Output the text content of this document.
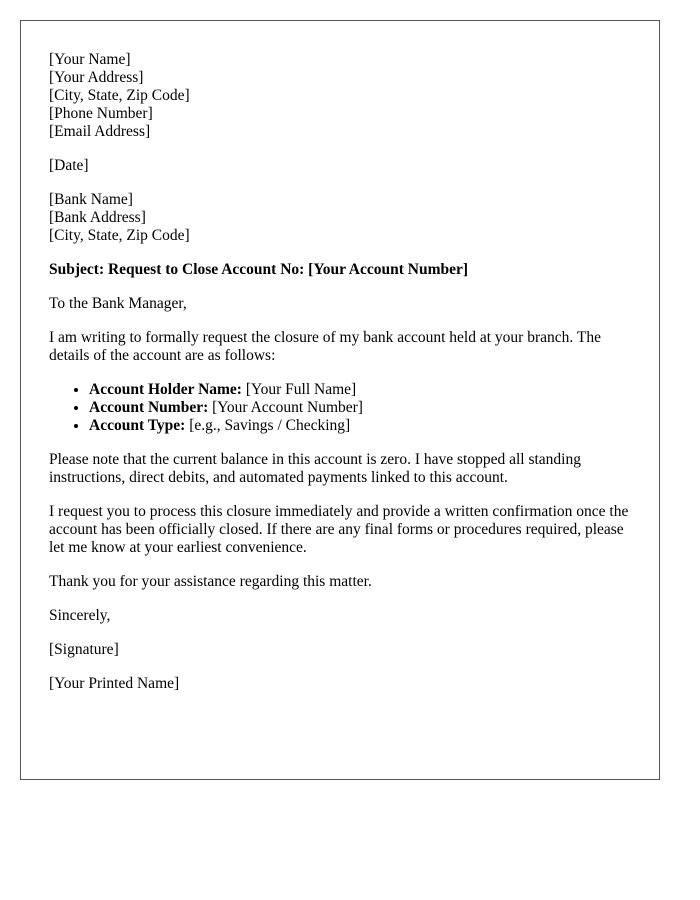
[Your Name]
[Your Address]
[City, State, Zip Code]
[Phone Number]
[Email Address]

[Date]

[Bank Name]
[Bank Address]
[City, State, Zip Code]

Subject: Request to Close Account No: [Your Account Number]

To the Bank Manager,

I am writing to formally request the closure of my bank account held at your branch. The details of the account are as follows:

• Account Holder Name: [Your Full Name]
• Account Number: [Your Account Number]
• Account Type: [e.g., Savings / Checking]

Please note that the current balance in this account is zero. I have stopped all standing instructions, direct debits, and automated payments linked to this account.

I request you to process this closure immediately and provide a written confirmation once the account has been officially closed. If there are any final forms or procedures required, please let me know at your earliest convenience.

Thank you for your assistance regarding this matter.

Sincerely,

[Signature]

[Your Printed Name]
